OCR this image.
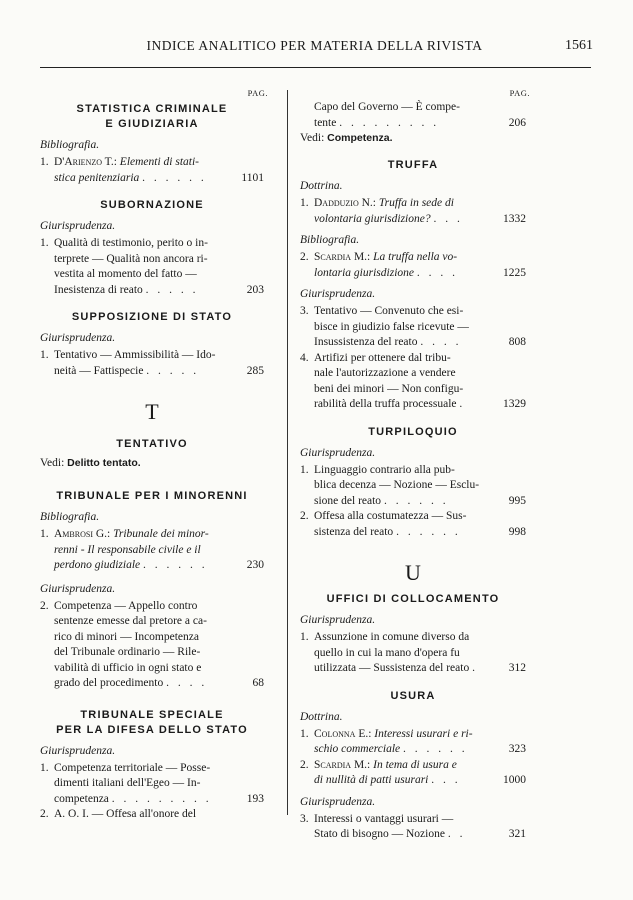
INDICE ANALITICO PER MATERIA DELLA RIVISTA	1561
PAG.
STATISTICA CRIMINALE
E GIUDIZIARIA
Bibliografia.
1. D'Arienzo T.: Elementi di stati-
stica penitenziaria . . . . . .	1101
SUBORNAZIONE
Giurisprudenza.
1. Qualità di testimonio, perito o in-
terprete — Qualità non ancora ri-
vestita al momento del fatto —
Inesistenza di reato . . . . .	203
SUPPOSIZIONE DI STATO
Giurisprudenza.
1. Tentativo — Ammissibilità — Ido-
neità — Fattispecie . . . . .	285
T
TENTATIVO
Vedi: Delitto tentato.
TRIBUNALE PER I MINORENNI
Bibliografia.
1. Ambrosi G.: Tribunale dei minor-
renni - Il responsabile civile e il
perdono giudiziale . . . . . .	230
Giurisprudenza.
2. Competenza — Appello contro
sentenze emesse dal pretore a ca-
rico di minori — Incompetenza
del Tribunale ordinario — Rile-
vabilità di ufficio in ogni stato e
grado del procedimento . . . .	68
TRIBUNALE SPECIALE
PER LA DIFESA DELLO STATO
Giurisprudenza.
1. Competenza territoriale — Posse-
dimenti italiani dell'Egeo — In-
competenza . . . . . . . . .	193
2. A. O. I. — Offesa all'onore del
PAG.
Capo del Governo — È compe-
tente . . . . . . . . .	206
Vedi: Competenza.
TRUFFA
Dottrina.
1. Dadduzio N.: Truffa in sede di
volontaria giurisdizione? . . .	1332
Bibliografia.
2. Scardia M.: La truffa nella vo-
lontaria giurisdizione . . . .	1225
Giurisprudenza.
3. Tentativo — Convenuto che esi-
bisce in giudizio false ricevute —
Insussistenza del reato . . . .	808
4. Artifizi per ottenere dal tribu-
nale l'autorizzazione a vendere
beni dei minori — Non configu-
rabilità della truffa processuale .	1329
TURPILOQUIO
Giurisprudenza.
1. Linguaggio contrario alla pub-
blica decenza — Nozione — Esclu-
sione del reato . . . . . .	995
2. Offesa alla costumatezza — Sus-
sistenza del reato . . . . . .	998
U
UFFICI DI COLLOCAMENTO
Giurisprudenza.
1. Assunzione in comune diverso da
quello in cui la mano d'opera fu
utilizzata — Sussistenza del reato .	312
USURA
Dottrina.
1. Colonna E.: Interessi usurari e ri-
schio commerciale . . . . . .	323
2. Scardia M.: In tema di usura e
di nullità di patti usurari . . .	1000
Giurisprudenza.
3. Interessi o vantaggi usurari —
Stato di bisogno — Nozione . .	321
